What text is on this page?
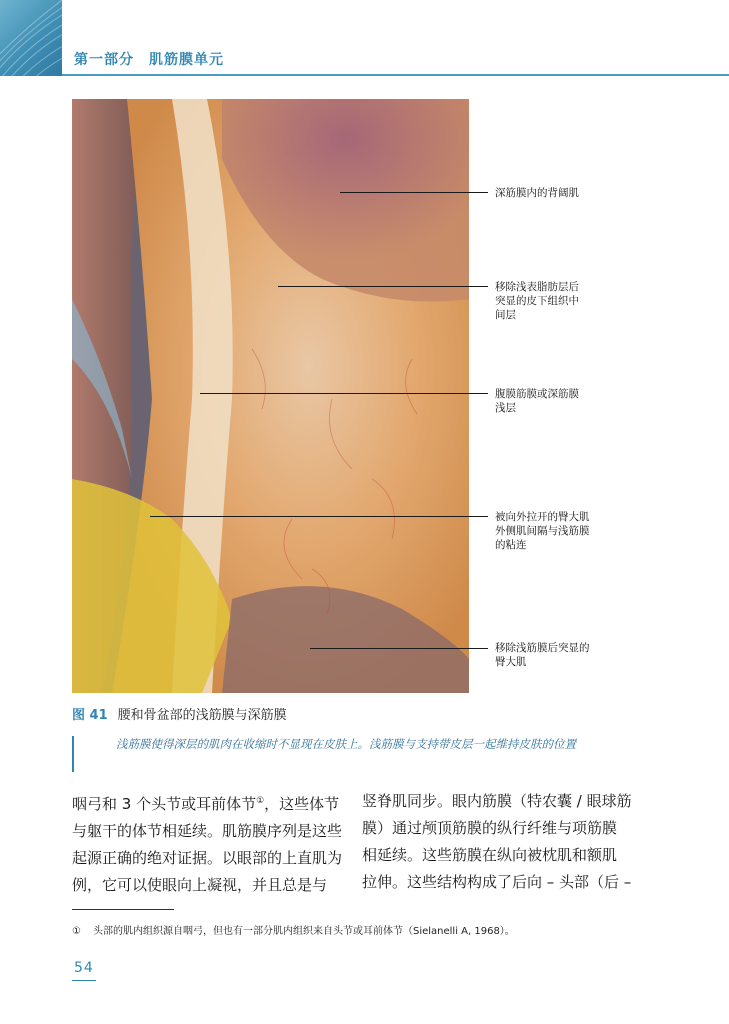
第一部分　肌筋膜单元
深筋膜内的背阔肌
移除浅表脂肪层后
突显的皮下组织中
间层
腹膜筋膜或深筋膜
浅层
被向外拉开的臀大肌
外侧肌间隔与浅筋膜
的粘连
移除浅筋膜后突显的
臀大肌
图 41 腰和骨盆部的浅筋膜与深筋膜
浅筋膜使得深层的肌肉在收缩时不显现在皮肤上。浅筋膜与支持带皮层一起维持皮肤的位置
咽弓和 3 个头节或耳前体节①，这些体节
与躯干的体节相延续。肌筋膜序列是这些
起源正确的绝对证据。以眼部的上直肌为
例，它可以使眼向上凝视，并且总是与
竖脊肌同步。眼内筋膜（特农囊 / 眼球筋
膜）通过颅顶筋膜的纵行纤维与项筋膜
相延续。这些筋膜在纵向被枕肌和额肌
拉伸。这些结构构成了后向 – 头部（后 –
① 头部的肌内组织源自咽弓，但也有一部分肌内组织来自头节或耳前体节（Sielanelli A, 1968）。
54
